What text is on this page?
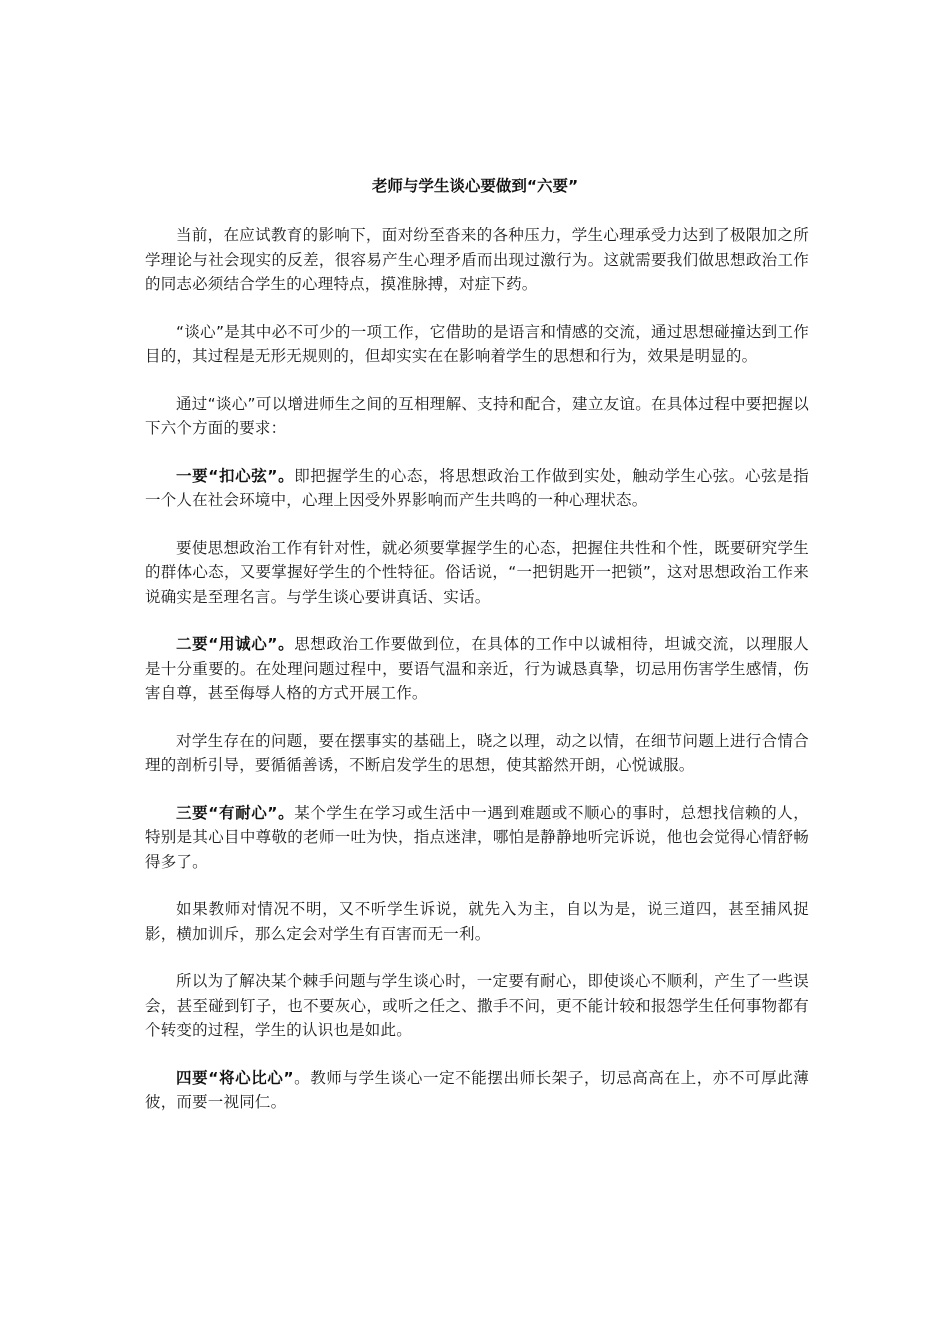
老师与学生谈心要做到“六要”

当前，在应试教育的影响下，面对纷至沓来的各种压力，学生心理承受力达到了极限加之所学理论与社会现实的反差，很容易产生心理矛盾而出现过激行为。这就需要我们做思想政治工作的同志必须结合学生的心理特点，摸准脉搏，对症下药。

“谈心”是其中必不可少的一项工作，它借助的是语言和情感的交流，通过思想碰撞达到工作目的，其过程是无形无规则的，但却实实在在影响着学生的思想和行为，效果是明显的。

通过“谈心”可以增进师生之间的互相理解、支持和配合，建立友谊。在具体过程中要把握以下六个方面的要求：

一要“扣心弦”。即把握学生的心态，将思想政治工作做到实处，触动学生心弦。心弦是指一个人在社会环境中，心理上因受外界影响而产生共鸣的一种心理状态。

要使思想政治工作有针对性，就必须要掌握学生的心态，把握住共性和个性，既要研究学生的群体心态，又要掌握好学生的个性特征。俗话说，“一把钥匙开一把锁”，这对思想政治工作来说确实是至理名言。与学生谈心要讲真话、实话。

二要“用诚心”。思想政治工作要做到位，在具体的工作中以诚相待，坦诚交流，以理服人是十分重要的。在处理问题过程中，要语气温和亲近，行为诚恳真挚，切忌用伤害学生感情，伤害自尊，甚至侮辱人格的方式开展工作。

对学生存在的问题，要在摆事实的基础上，晓之以理，动之以情，在细节问题上进行合情合理的剖析引导，要循循善诱，不断启发学生的思想，使其豁然开朗，心悦诚服。

三要“有耐心”。某个学生在学习或生活中一遇到难题或不顺心的事时，总想找信赖的人，特别是其心目中尊敬的老师一吐为快，指点迷津，哪怕是静静地听完诉说，他也会觉得心情舒畅得多了。

如果教师对情况不明，又不听学生诉说，就先入为主，自以为是，说三道四，甚至捕风捉影，横加训斥，那么定会对学生有百害而无一利。

所以为了解决某个棘手问题与学生谈心时，一定要有耐心，即使谈心不顺利，产生了一些误会，甚至碰到钉子，也不要灰心，或听之任之、撒手不问，更不能计较和报怨学生任何事物都有个转变的过程，学生的认识也是如此。

四要“将心比心”。教师与学生谈心一定不能摆出师长架子，切忌高高在上，亦不可厚此薄彼，而要一视同仁。
